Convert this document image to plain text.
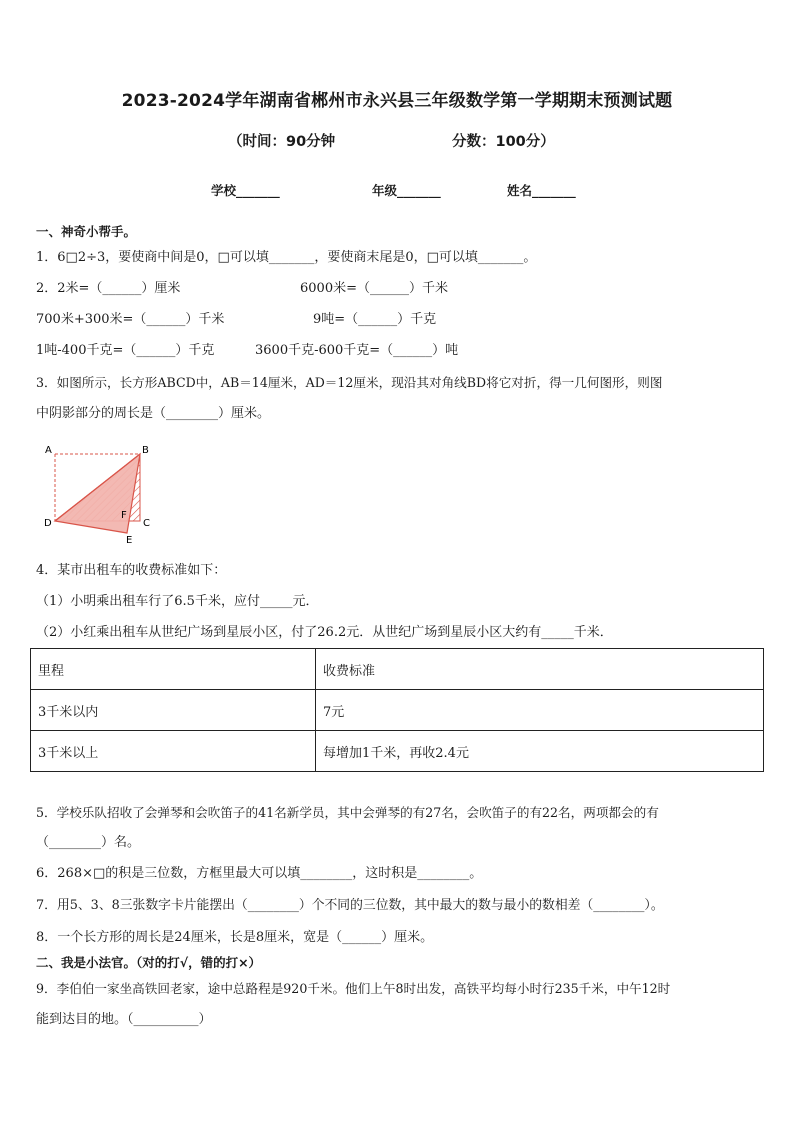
2023-2024学年湖南省郴州市永兴县三年级数学第一学期期末预测试题
（时间：90分钟	分数：100分）
学校_______	年级_______	姓名_______
一、神奇小帮手。
1．6□2÷3，要使商中间是0，□可以填_______，要使商末尾是0，□可以填_______。
2．2米=（______）厘米	6000米=（______）千米
700米+300米=（______）千米	9吨=（______）千克
1吨-400千克=（______）千克	3600千克-600千克=（______）吨
3．如图所示，长方形ABCD中，AB＝14厘米，AD＝12厘米，现沿其对角线BD将它对折，得一几何图形，则图
中阴影部分的周长是（________）厘米。
A	B
C
D
E
F
4．某市出租车的收费标准如下：
（1）小明乘出租车行了6.5千米，应付_____元．
（2）小红乘出租车从世纪广场到星辰小区，付了26.2元．从世纪广场到星辰小区大约有_____千米．
里程	收费标准
3千米以内	7元
3千米以上	每增加1千米，再收2.4元
5．学校乐队招收了会弹琴和会吹笛子的41名新学员，其中会弹琴的有27名，会吹笛子的有22名，两项都会的有
（________）名。
6．268×□的积是三位数，方框里最大可以填________，这时积是________。
7．用5、3、8三张数字卡片能摆出（________）个不同的三位数，其中最大的数与最小的数相差（________）。
8．一个长方形的周长是24厘米，长是8厘米，宽是（______）厘米。
二、我是小法官。（对的打√，错的打×）
9．李伯伯一家坐高铁回老家，途中总路程是920千米。他们上午8时出发，高铁平均每小时行235千米，中午12时
能到达目的地。（__________）
